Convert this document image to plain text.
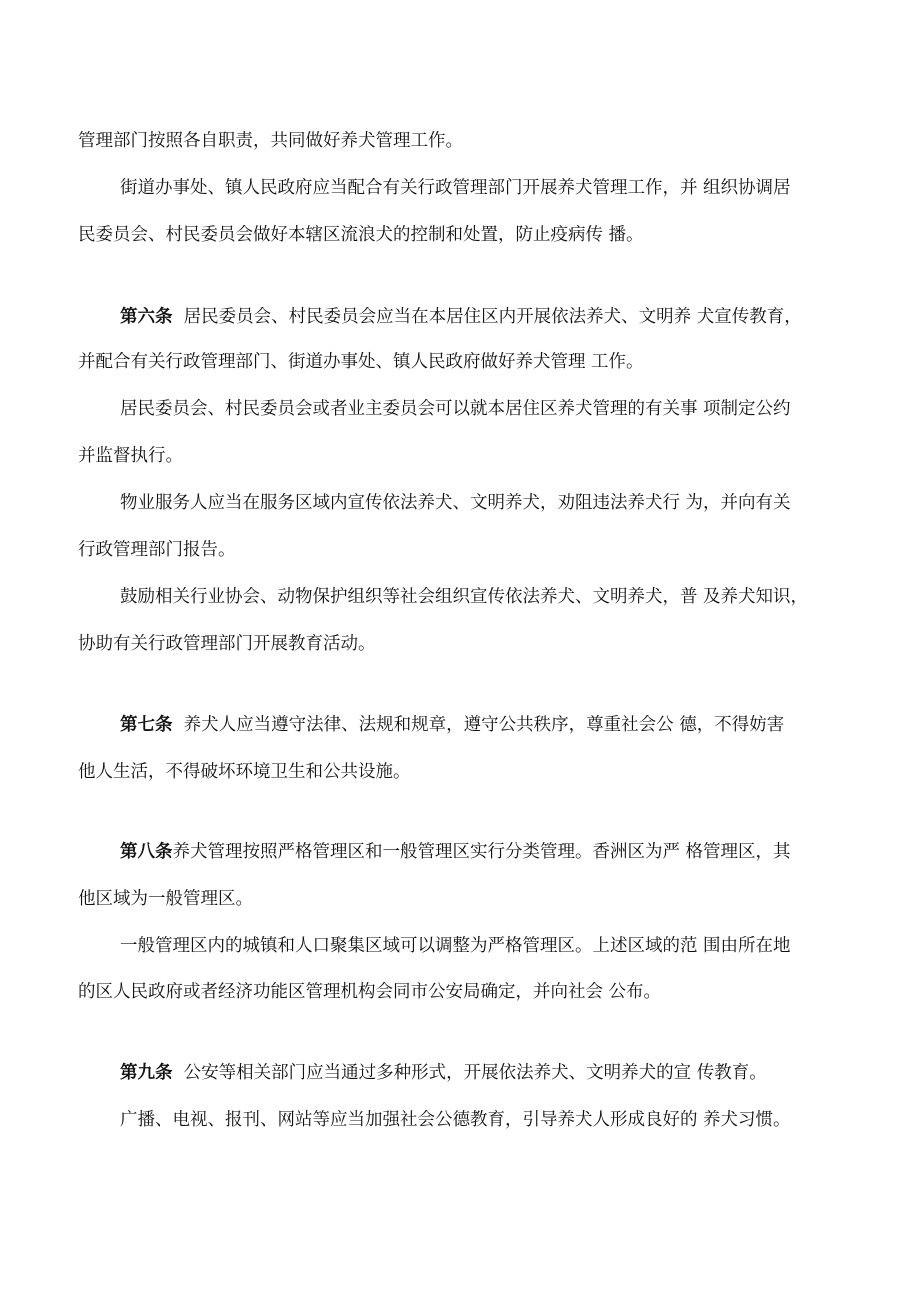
管理部门按照各自职责，共同做好养犬管理工作。
街道办事处、镇人民政府应当配合有关行政管理部门开展养犬管理工作，并 组织协调居
民委员会、村民委员会做好本辖区流浪犬的控制和处置，防止疫病传 播。
第六条 居民委员会、村民委员会应当在本居住区内开展依法养犬、文明养 犬宣传教育，
并配合有关行政管理部门、街道办事处、镇人民政府做好养犬管理 工作。
居民委员会、村民委员会或者业主委员会可以就本居住区养犬管理的有关事 项制定公约
并监督执行。
物业服务人应当在服务区域内宣传依法养犬、文明养犬，劝阻违法养犬行 为，并向有关
行政管理部门报告。
鼓励相关行业协会、动物保护组织等社会组织宣传依法养犬、文明养犬，普 及养犬知识，
协助有关行政管理部门开展教育活动。
第七条 养犬人应当遵守法律、法规和规章，遵守公共秩序，尊重社会公 德，不得妨害
他人生活，不得破坏环境卫生和公共设施。
第八条养犬管理按照严格管理区和一般管理区实行分类管理。香洲区为严 格管理区，其
他区域为一般管理区。
一般管理区内的城镇和人口聚集区域可以调整为严格管理区。上述区域的范 围由所在地
的区人民政府或者经济功能区管理机构会同市公安局确定，并向社会 公布。
第九条 公安等相关部门应当通过多种形式，开展依法养犬、文明养犬的宣 传教育。
广播、电视、报刊、网站等应当加强社会公德教育，引导养犬人形成良好的 养犬习惯。
